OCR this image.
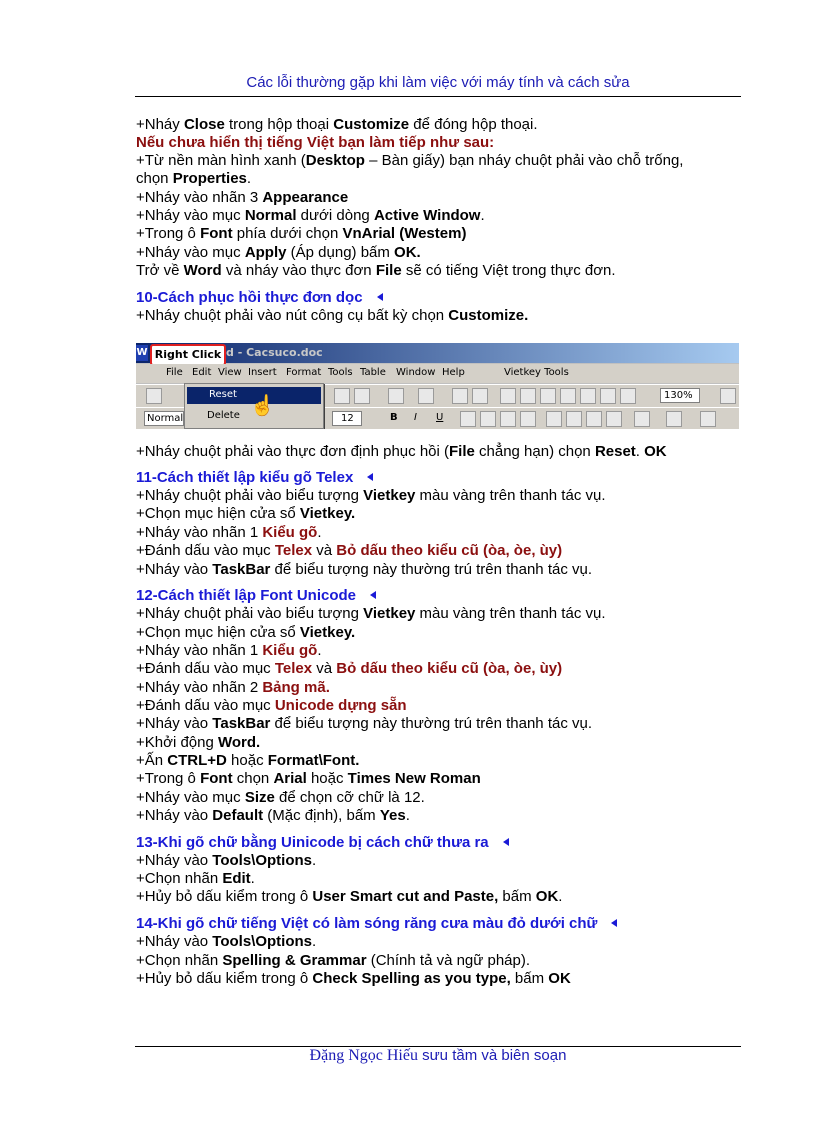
Các lỗi thường gặp khi làm việc với máy tính và cách sửa
+Nháy Close trong hộp thoại Customize để đóng hộp thoại.
Nếu chưa hiển thị tiếng Việt bạn làm tiếp như sau:
+Từ nền màn hình xanh (Desktop – Bàn giấy) bạn nháy chuột phải vào chỗ trống,
chọn Properties.
+Nháy vào nhãn 3 Appearance
+Nháy vào mục Normal dưới dòng Active Window.
+Trong ô Font phía dưới chọn VnArial (Westem)
+Nháy vào mục Apply (Áp dụng) bấm OK.
Trở về Word và nháy vào thực đơn File sẽ có tiếng Việt trong thực đơn.
10-Cách phục hồi thực đơn dọc
+Nháy chuột phải vào nút công cụ bất kỳ chọn Customize.
W	d - Cacsuco.doc
Right Click
File Edit View Insert Format Tools Table Window Help	Vietkey Tools
130%
Normal	12	B I U
Reset
Delete ☝
+Nháy chuột phải vào thực đơn định phục hồi (File chẳng hạn) chọn Reset. OK
11-Cách thiết lập kiểu gõ Telex
+Nháy chuột phải vào biểu tượng Vietkey màu vàng trên thanh tác vụ.
+Chọn mục hiện cửa sổ Vietkey.
+Nháy vào nhãn 1 Kiểu gõ.
+Đánh dấu vào mục Telex và Bỏ dấu theo kiểu cũ (òa, òe, ùy)
+Nháy vào TaskBar để biểu tượng này thường trú trên thanh tác vụ.
12-Cách thiết lập Font Unicode
+Nháy chuột phải vào biểu tượng Vietkey màu vàng trên thanh tác vụ.
+Chọn mục hiện cửa sổ Vietkey.
+Nháy vào nhãn 1 Kiểu gõ.
+Đánh dấu vào mục Telex và Bỏ dấu theo kiểu cũ (òa, òe, ùy)
+Nháy vào nhãn 2 Bảng mã.
+Đánh dấu vào mục Unicode dựng sẵn
+Nháy vào TaskBar để biểu tượng này thường trú trên thanh tác vụ.
+Khởi động Word.
+Ấn CTRL+D hoặc Format\Font.
+Trong ô Font chọn Arial hoặc Times New Roman
+Nháy vào mục Size để chọn cỡ chữ là 12.
+Nháy vào Default (Mặc định), bấm Yes.
13-Khi gõ chữ bằng Uinicode bị cách chữ thưa ra
+Nháy vào Tools\Options.
+Chọn nhãn Edit.
+Hủy bỏ dấu kiểm trong ô User Smart cut and Paste, bấm OK.
14-Khi gõ chữ tiếng Việt có làm sóng răng cưa màu đỏ dưới chữ
+Nháy vào Tools\Options.
+Chọn nhãn Spelling & Grammar (Chính tả và ngữ pháp).
+Hủy bỏ dấu kiểm trong ô Check Spelling as you type, bấm OK
Đặng Ngọc Hiếu sưu tầm và biên soạn
